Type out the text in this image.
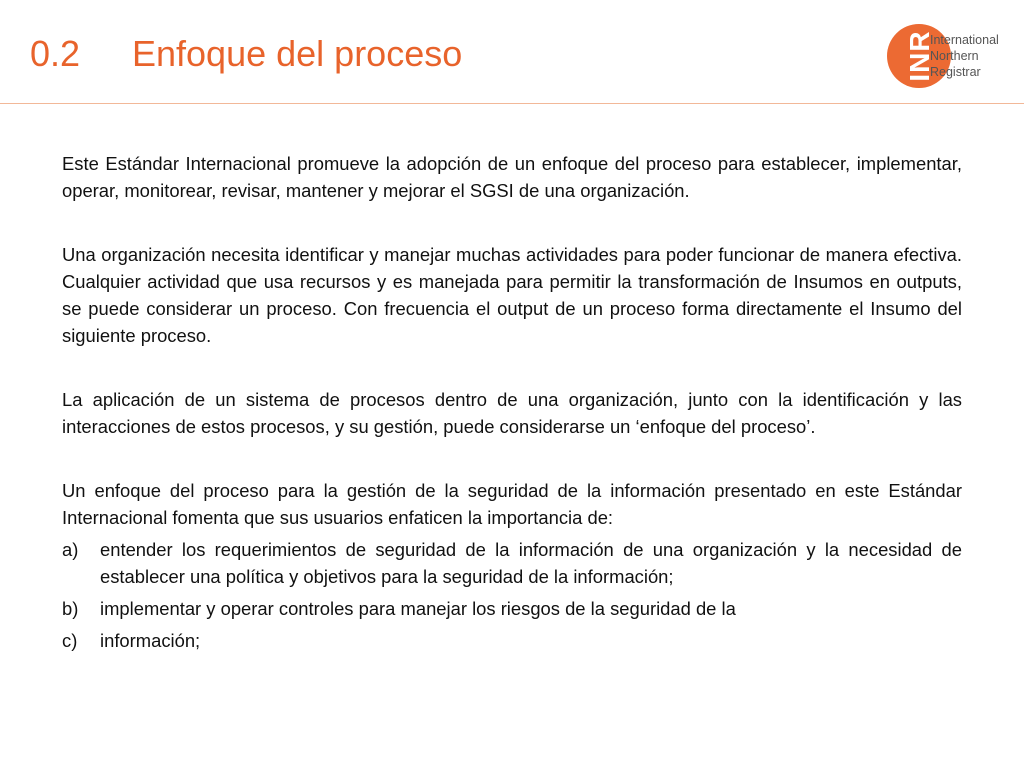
0.2 Enfoque del proceso	INR
International
Northern
Registrar

Este Estándar Internacional promueve la adopción de un enfoque del proceso para establecer, implementar, operar, monitorear, revisar, mantener y mejorar el SGSI de una organización.

Una organización necesita identificar y manejar muchas actividades para poder funcionar de manera efectiva. Cualquier actividad que usa recursos y es manejada para permitir la transformación de Insumos en outputs, se puede considerar un proceso. Con frecuencia el output de un proceso forma directamente el Insumo del siguiente proceso.

La aplicación de un sistema de procesos dentro de una organización, junto con la identificación y las interacciones de estos procesos, y su gestión, puede considerarse un ‘enfoque del proceso’.

Un enfoque del proceso para la gestión de la seguridad de la información presentado en este Estándar Internacional fomenta que sus usuarios enfaticen la importancia de:

a) entender los requerimientos de seguridad de la información de una organización y la necesidad de establecer una política y objetivos para la seguridad de la información;
b) implementar y operar controles para manejar los riesgos de la seguridad de la
c) información;
